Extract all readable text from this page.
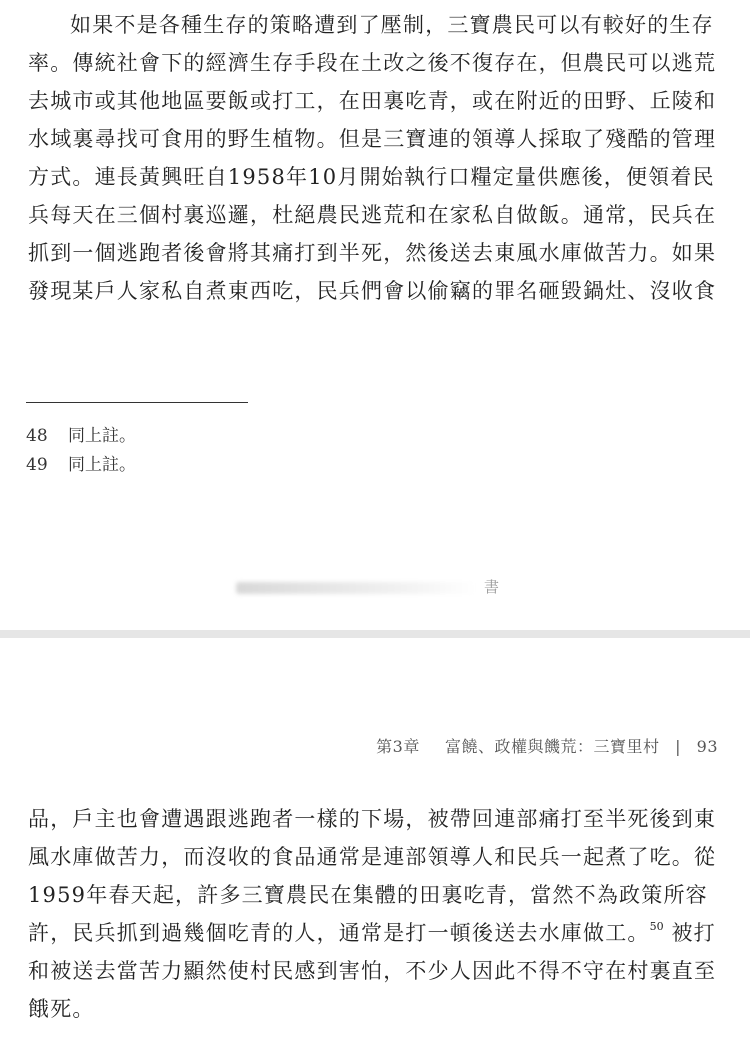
如果不是各種生存的策略遭到了壓制，三寶農民可以有較好的生存
率。傳統社會下的經濟生存手段在土改之後不復存在，但農民可以逃荒
去城市或其他地區要飯或打工，在田裏吃青，或在附近的田野、丘陵和
水域裏尋找可食用的野生植物。但是三寶連的領導人採取了殘酷的管理
方式。連長黃興旺自1958年10月開始執行口糧定量供應後，便領着民
兵每天在三個村裏巡邏，杜絕農民逃荒和在家私自做飯。通常，民兵在
抓到一個逃跑者後會將其痛打到半死，然後送去東風水庫做苦力。如果
發現某戶人家私自煮東西吃，民兵們會以偷竊的罪名砸毀鍋灶、沒收食

48 同上註。
49 同上註。
書
第3章 富饒、政權與饑荒：三寶里村 | 93

品，戶主也會遭遇跟逃跑者一樣的下場，被帶回連部痛打至半死後到東
風水庫做苦力，而沒收的食品通常是連部領導人和民兵一起煮了吃。從
1959年春天起，許多三寶農民在集體的田裏吃青，當然不為政策所容
許，民兵抓到過幾個吃青的人，通常是打一頓後送去水庫做工。$^{50}$ 被打
和被送去當苦力顯然使村民感到害怕，不少人因此不得不守在村裏直至
餓死。
